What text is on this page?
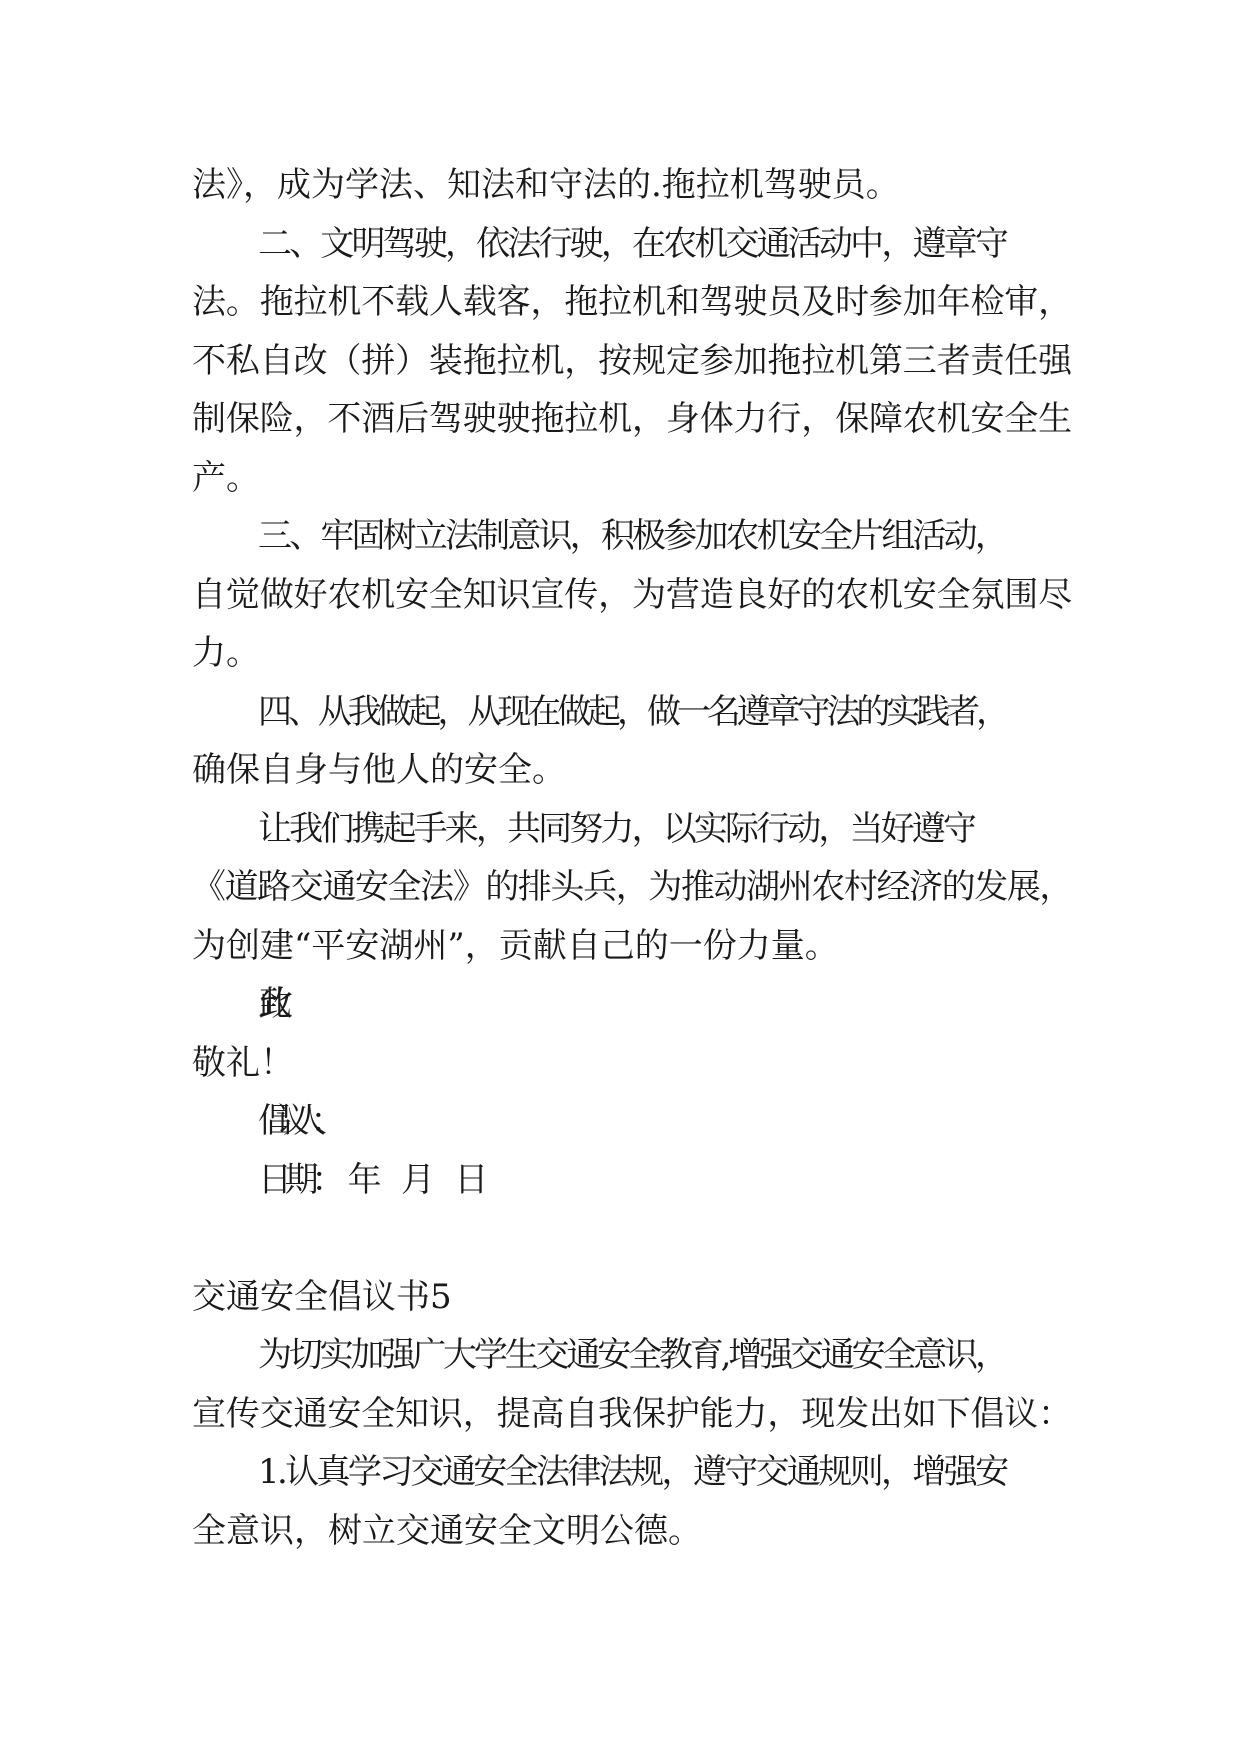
法》，成为学法、知法和守法的.拖拉机驾驶员。
二、文明驾驶，依法行驶，在农机交通活动中，遵章守
法。拖拉机不载人载客，拖拉机和驾驶员及时参加年检审，
不私自改（拼）装拖拉机，按规定参加拖拉机第三者责任强
制保险，不酒后驾驶驶拖拉机，身体力行，保障农机安全生
产。
三、牢固树立法制意识，积极参加农机安全片组活动，
自觉做好农机安全知识宣传，为营造良好的农机安全氛围尽
力。
四、从我做起，从现在做起，做一名遵章守法的实践者，
确保自身与他人的安全。
让我们携起手来，共同努力，以实际行动，当好遵守
《道路交通安全法》的排头兵，为推动湖州农村经济的发展，
为创建“平安湖州”，贡献自己的一份力量。
此致
敬礼！
倡议人：
日期：　年　月　日
交通安全倡议书5
为切实加强广大学生交通安全教育,增强交通安全意识，
宣传交通安全知识，提高自我保护能力，现发出如下倡议：
1.认真学习交通安全法律法规，遵守交通规则，增强安
全意识，树立交通安全文明公德。
